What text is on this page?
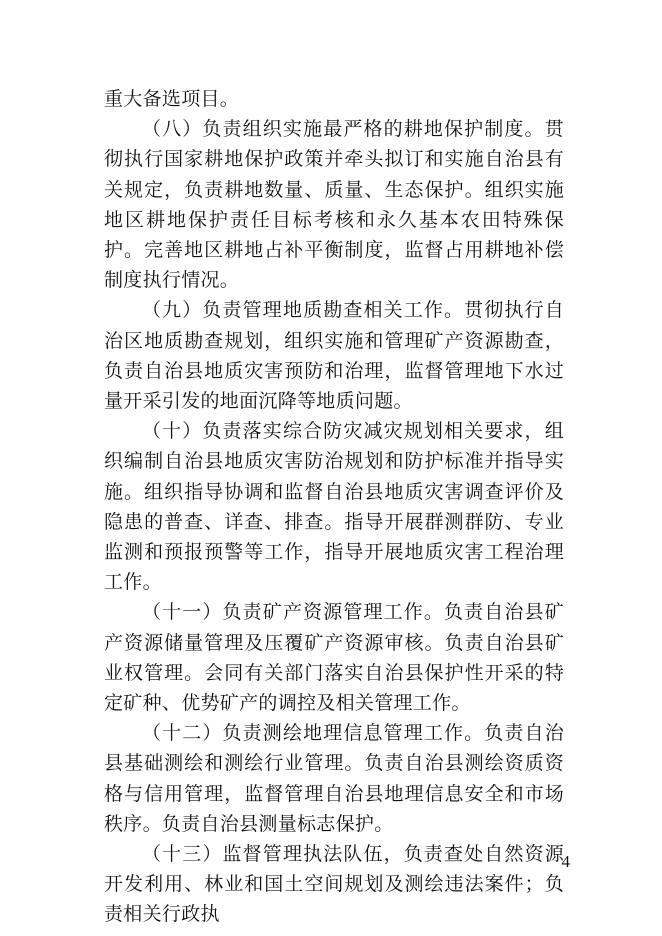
重大备选项目。

（八）负责组织实施最严格的耕地保护制度。贯彻执行国家耕地保护政策并牵头拟订和实施自治县有关规定，负责耕地数量、质量、生态保护。组织实施地区耕地保护责任目标考核和永久基本农田特殊保护。完善地区耕地占补平衡制度，监督占用耕地补偿制度执行情况。

（九）负责管理地质勘查相关工作。贯彻执行自治区地质勘查规划，组织实施和管理矿产资源勘查，负责自治县地质灾害预防和治理，监督管理地下水过量开采引发的地面沉降等地质问题。

（十）负责落实综合防灾减灾规划相关要求，组织编制自治县地质灾害防治规划和防护标准并指导实施。组织指导协调和监督自治县地质灾害调查评价及隐患的普查、详查、排查。指导开展群测群防、专业监测和预报预警等工作，指导开展地质灾害工程治理工作。

（十一）负责矿产资源管理工作。负责自治县矿产资源储量管理及压覆矿产资源审核。负责自治县矿业权管理。会同有关部门落实自治县保护性开采的特定矿种、优势矿产的调控及相关管理工作。

（十二）负责测绘地理信息管理工作。负责自治县基础测绘和测绘行业管理。负责自治县测绘资质资格与信用管理，监督管理自治县地理信息安全和市场秩序。负责自治县测量标志保护。

（十三）监督管理执法队伍，负责查处自然资源开发利用、林业和国土空间规划及测绘违法案件；负责相关行政执

4
